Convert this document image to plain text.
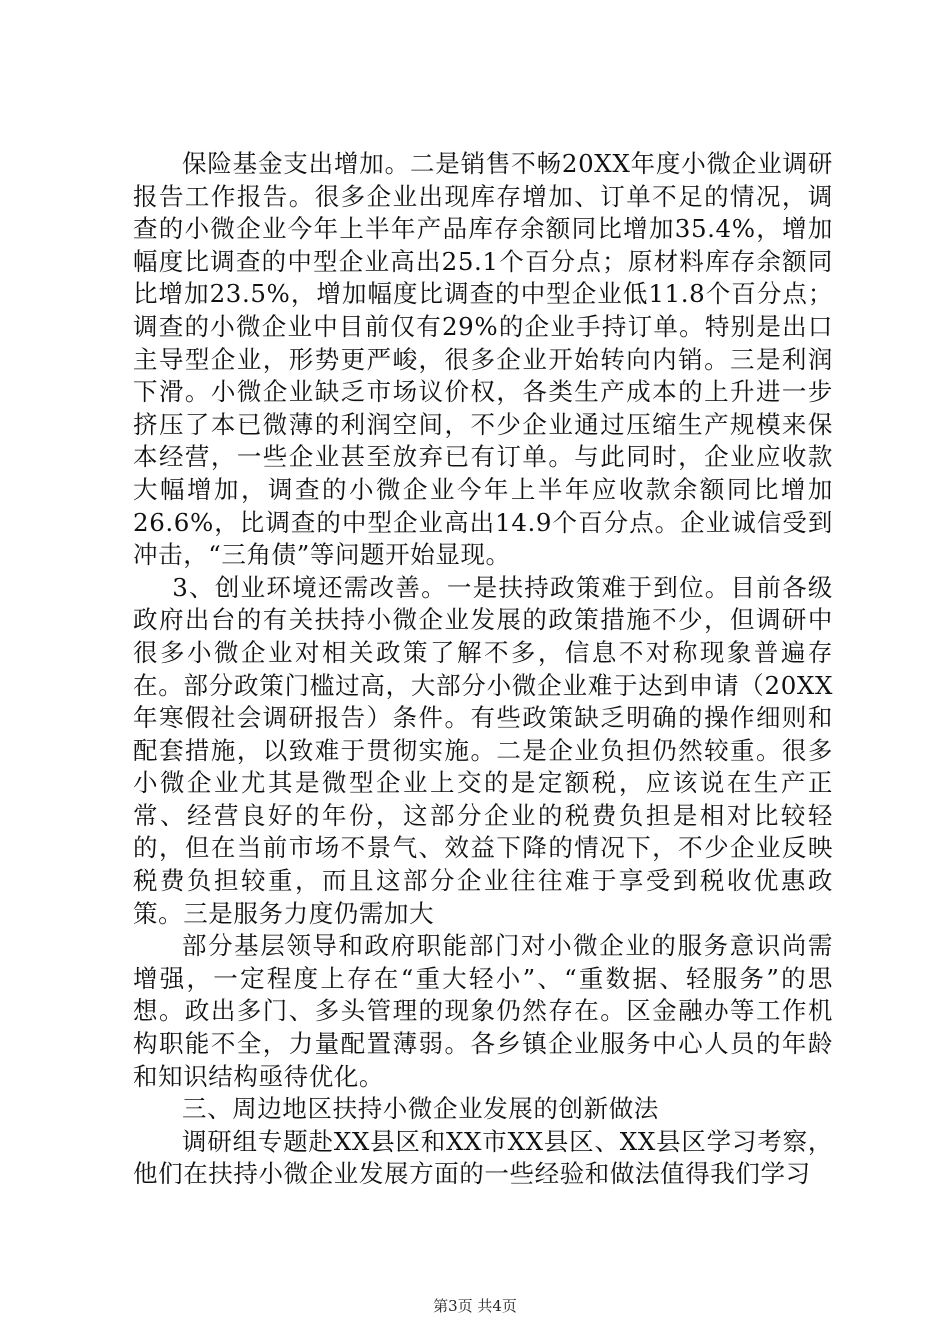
保险基金支出增加。二是销售不畅20XX年度小微企业调研报告工作报告。很多企业出现库存增加、订单不足的情况，调查的小微企业今年上半年产品库存余额同比增加35.4%，增加幅度比调查的中型企业高出25.1个百分点；原材料库存余额同比增加23.5%，增加幅度比调查的中型企业低11.8个百分点；调查的小微企业中目前仅有29%的企业手持订单。特别是出口主导型企业，形势更严峻，很多企业开始转向内销。三是利润下滑。小微企业缺乏市场议价权，各类生产成本的上升进一步挤压了本已微薄的利润空间，不少企业通过压缩生产规模来保本经营，一些企业甚至放弃已有订单。与此同时，企业应收款大幅增加，调查的小微企业今年上半年应收款余额同比增加26.6%，比调查的中型企业高出14.9个百分点。企业诚信受到冲击，“三角债”等问题开始显现。

3、创业环境还需改善。一是扶持政策难于到位。目前各级政府出台的有关扶持小微企业发展的政策措施不少，但调研中很多小微企业对相关政策了解不多，信息不对称现象普遍存在。部分政策门槛过高，大部分小微企业难于达到申请（20XX年寒假社会调研报告）条件。有些政策缺乏明确的操作细则和配套措施，以致难于贯彻实施。二是企业负担仍然较重。很多小微企业尤其是微型企业上交的是定额税，应该说在生产正常、经营良好的年份，这部分企业的税费负担是相对比较轻的，但在当前市场不景气、效益下降的情况下，不少企业反映税费负担较重，而且这部分企业往往难于享受到税收优惠政策。三是服务力度仍需加大

部分基层领导和政府职能部门对小微企业的服务意识尚需增强，一定程度上存在“重大轻小”、“重数据、轻服务”的思想。政出多门、多头管理的现象仍然存在。区金融办等工作机构职能不全，力量配置薄弱。各乡镇企业服务中心人员的年龄和知识结构亟待优化。

三、周边地区扶持小微企业发展的创新做法

调研组专题赴XX县区和XX市XX县区、XX县区学习考察，他们在扶持小微企业发展方面的一些经验和做法值得我们学习

第3页 共4页
